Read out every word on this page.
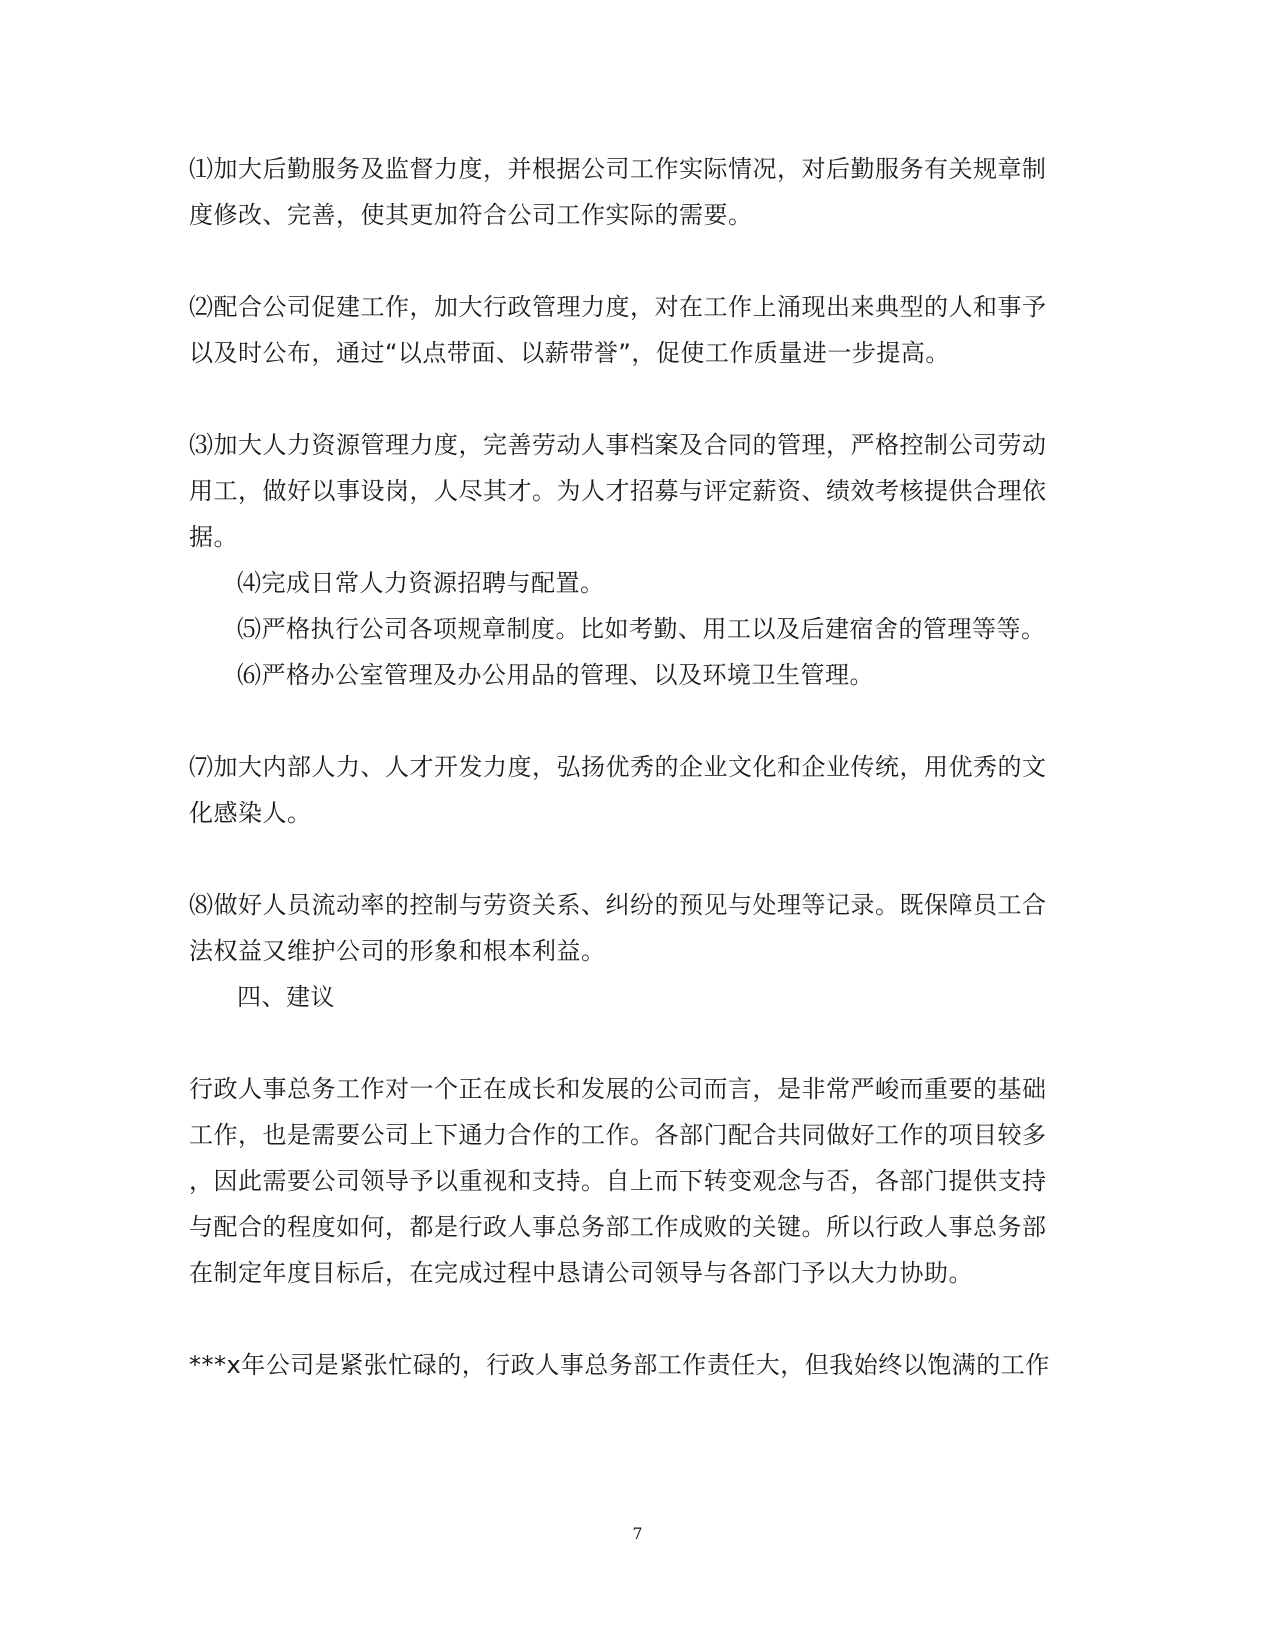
⑴加大后勤服务及监督力度，并根据公司工作实际情况，对后勤服务有关规章制
度修改、完善，使其更加符合公司工作实际的需要。
⑵配合公司促建工作，加大行政管理力度，对在工作上涌现出来典型的人和事予
以及时公布，通过“以点带面、以薪带誉”，促使工作质量进一步提高。
⑶加大人力资源管理力度，完善劳动人事档案及合同的管理，严格控制公司劳动
用工，做好以事设岗，人尽其才。为人才招募与评定薪资、绩效考核提供合理依
据。
⑷完成日常人力资源招聘与配置。
⑸严格执行公司各项规章制度。比如考勤、用工以及后建宿舍的管理等等。
⑹严格办公室管理及办公用品的管理、以及环境卫生管理。
⑺加大内部人力、人才开发力度，弘扬优秀的企业文化和企业传统，用优秀的文
化感染人。
⑻做好人员流动率的控制与劳资关系、纠纷的预见与处理等记录。既保障员工合
法权益又维护公司的形象和根本利益。
四、建议
行政人事总务工作对一个正在成长和发展的公司而言，是非常严峻而重要的基础
工作，也是需要公司上下通力合作的工作。各部门配合共同做好工作的项目较多
，因此需要公司领导予以重视和支持。自上而下转变观念与否，各部门提供支持
与配合的程度如何，都是行政人事总务部工作成败的关键。所以行政人事总务部
在制定年度目标后，在完成过程中恳请公司领导与各部门予以大力协助。
***x年公司是紧张忙碌的，行政人事总务部工作责任大，但我始终以饱满的工作
7
